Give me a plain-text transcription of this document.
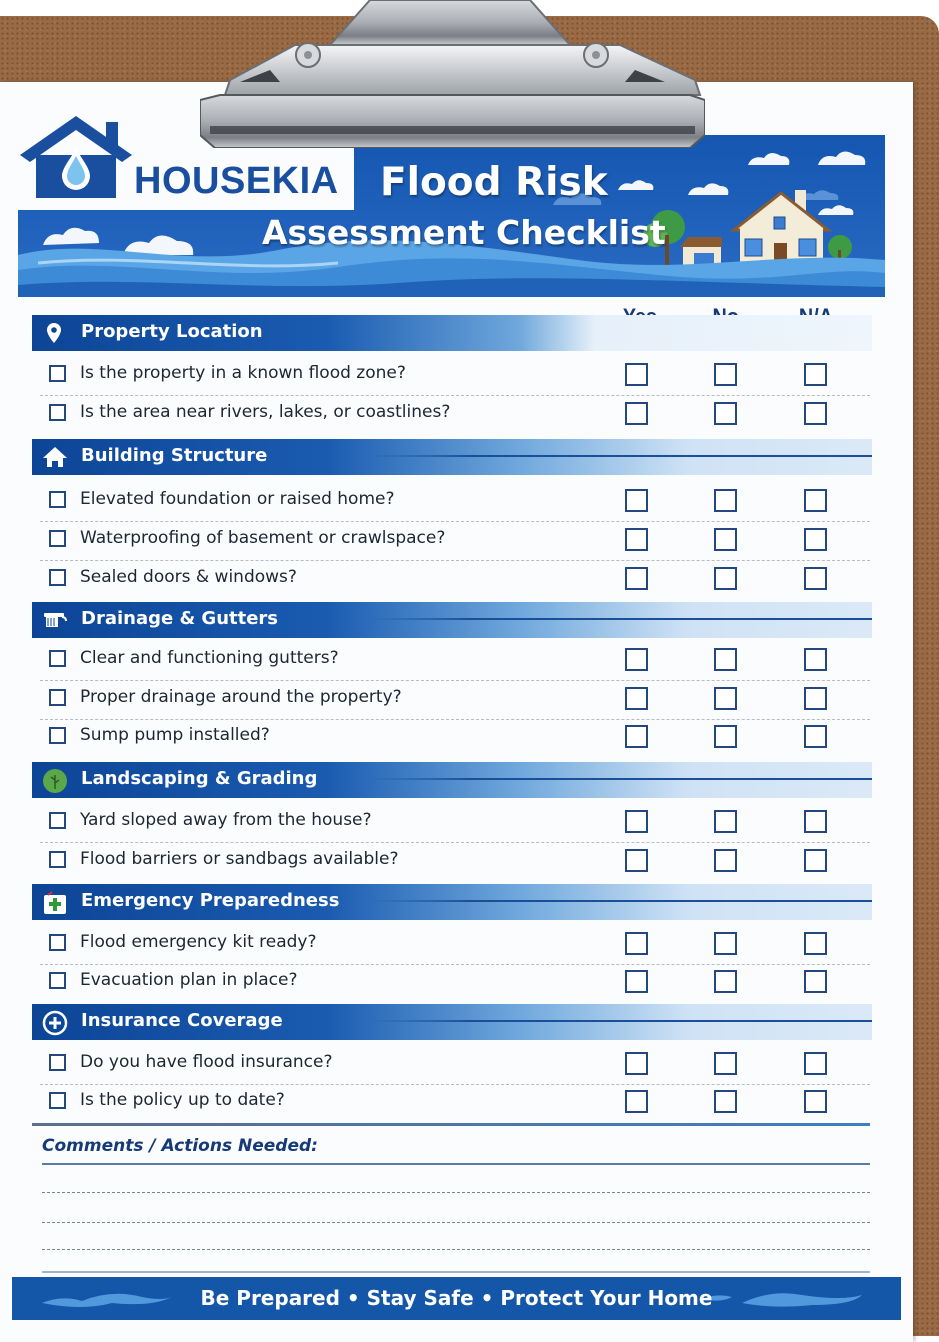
HOUSEKIA Flood Risk
Assessment Checklist
Property Location
Is the property in a known flood zone?
Is the area near rivers, lakes, or coastlines?
Building Structure
Elevated foundation or raised home?
Waterproofing of basement or crawlspace?
Sealed doors & windows?
Drainage & Gutters
Clear and functioning gutters?
Proper drainage around the property?
Sump pump installed?
Landscaping & Grading
Yard sloped away from the house?
Flood barriers or sandbags available?
Emergency Preparedness
Flood emergency kit ready?
Evacuation plan in place?
Insurance Coverage
Do you have flood insurance?
Is the policy up to date?
Comments / Actions Needed:
Be Prepared • Stay Safe • Protect Your Home
